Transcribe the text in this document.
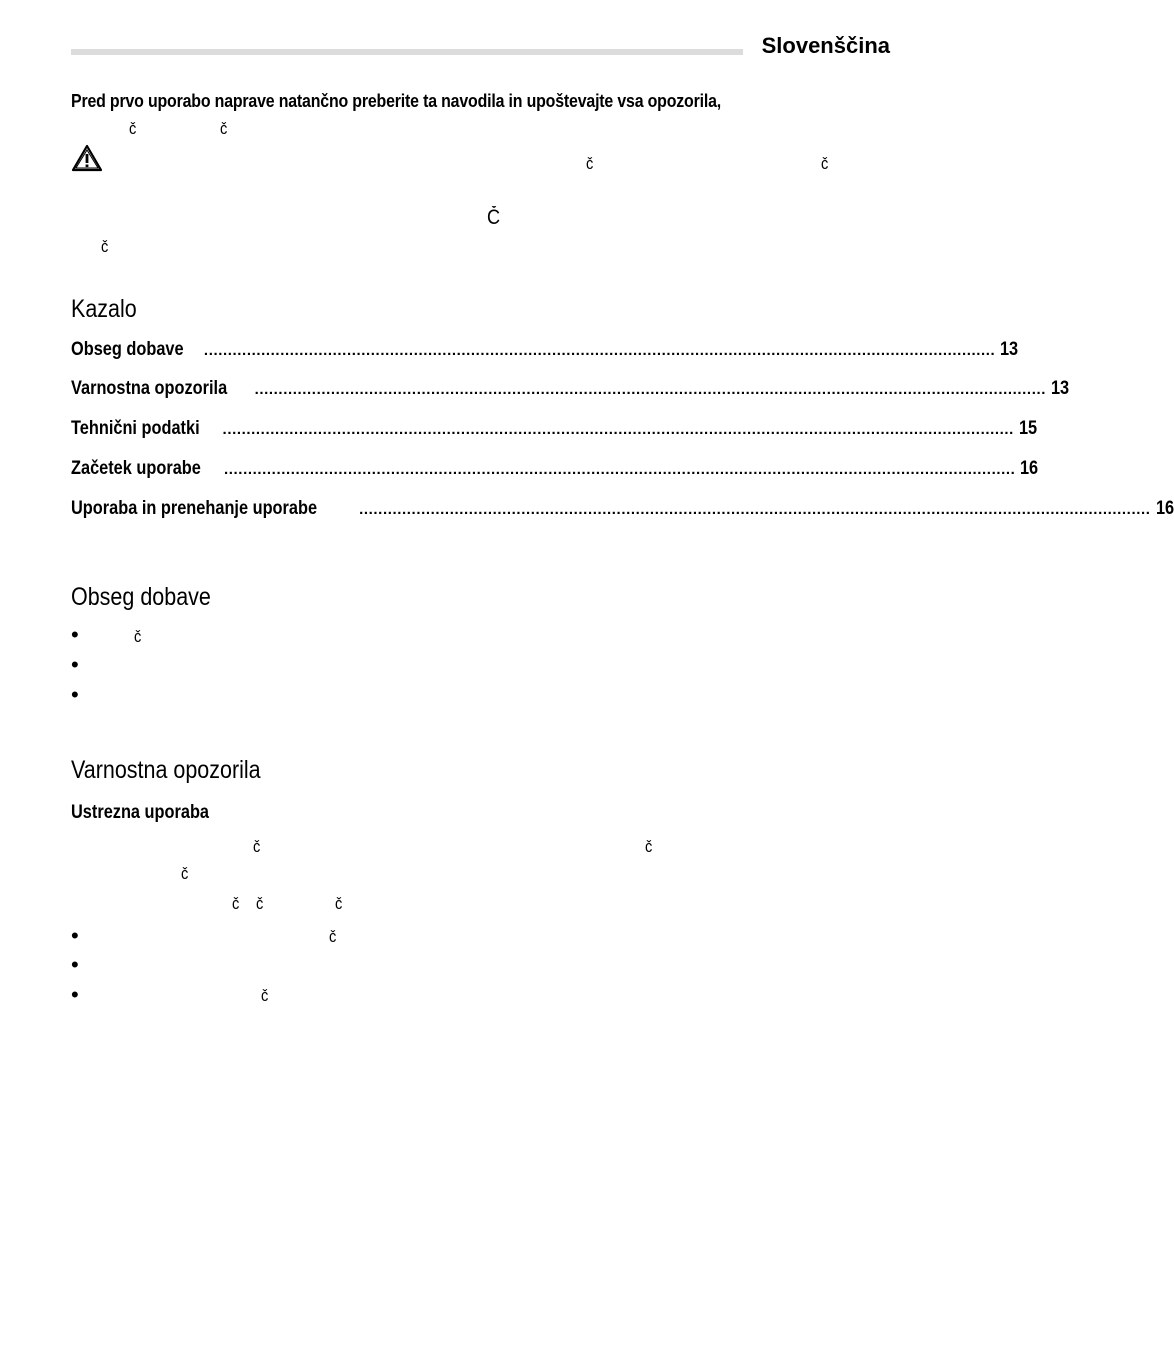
Slovenščina
Pred prvo uporabo naprave natančno preberite ta navodila in upoštevajte vsa opozorila,
č	č
č	č
Č
č
Kazalo
Obseg dobave ...................................................................................................................................................................... 13
Varnostna opozorila ...................................................................................................................................................................... 13
Tehnični podatki ...................................................................................................................................................................... 15
Začetek uporabe ...................................................................................................................................................................... 16
Uporaba in prenehanje uporabe	...................................................................................................................................................................... 16
Obseg dobave
•	č
•
•
Varnostna opozorila
Ustrezna uporaba
č	č
č
č č	č
•	č
•
•	č
